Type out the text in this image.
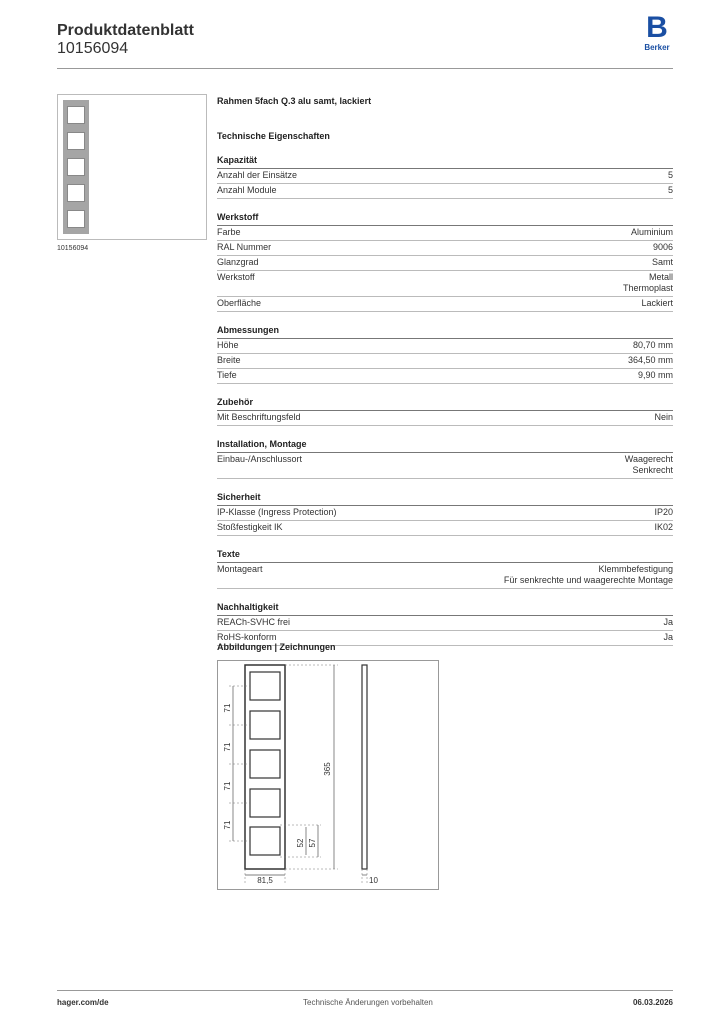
Produktdatenblatt
10156094
B
Berker
10156094
Rahmen 5fach Q.3 alu samt, lackiert
Technische Eigenschaften
Kapazität
Anzahl der Einsätze	5
Anzahl Module	5
Werkstoff
Farbe	Aluminium
RAL Nummer	9006
Glanzgrad	Samt
Werkstoff	Metall
Thermoplast
Oberfläche	Lackiert
Abmessungen
Höhe	80,70 mm
Breite	364,50 mm
Tiefe	9,90 mm
Zubehör
Mit Beschriftungsfeld	Nein
Installation, Montage
Einbau-/Anschlussort	Waagerecht
Senkrecht
Sicherheit
IP-Klasse (Ingress Protection)	IP20
Stoßfestigkeit IK	IK02
Texte
Montageart	Klemmbefestigung
Für senkrechte und waagerechte Montage
Nachhaltigkeit
REACh-SVHC frei	Ja
RoHS-konform	Ja
Abbildungen | Zeichnungen
71
71
71
71
365
52 57
81,5	10
hager.com/de	Technische Änderungen vorbehalten	06.03.2026
